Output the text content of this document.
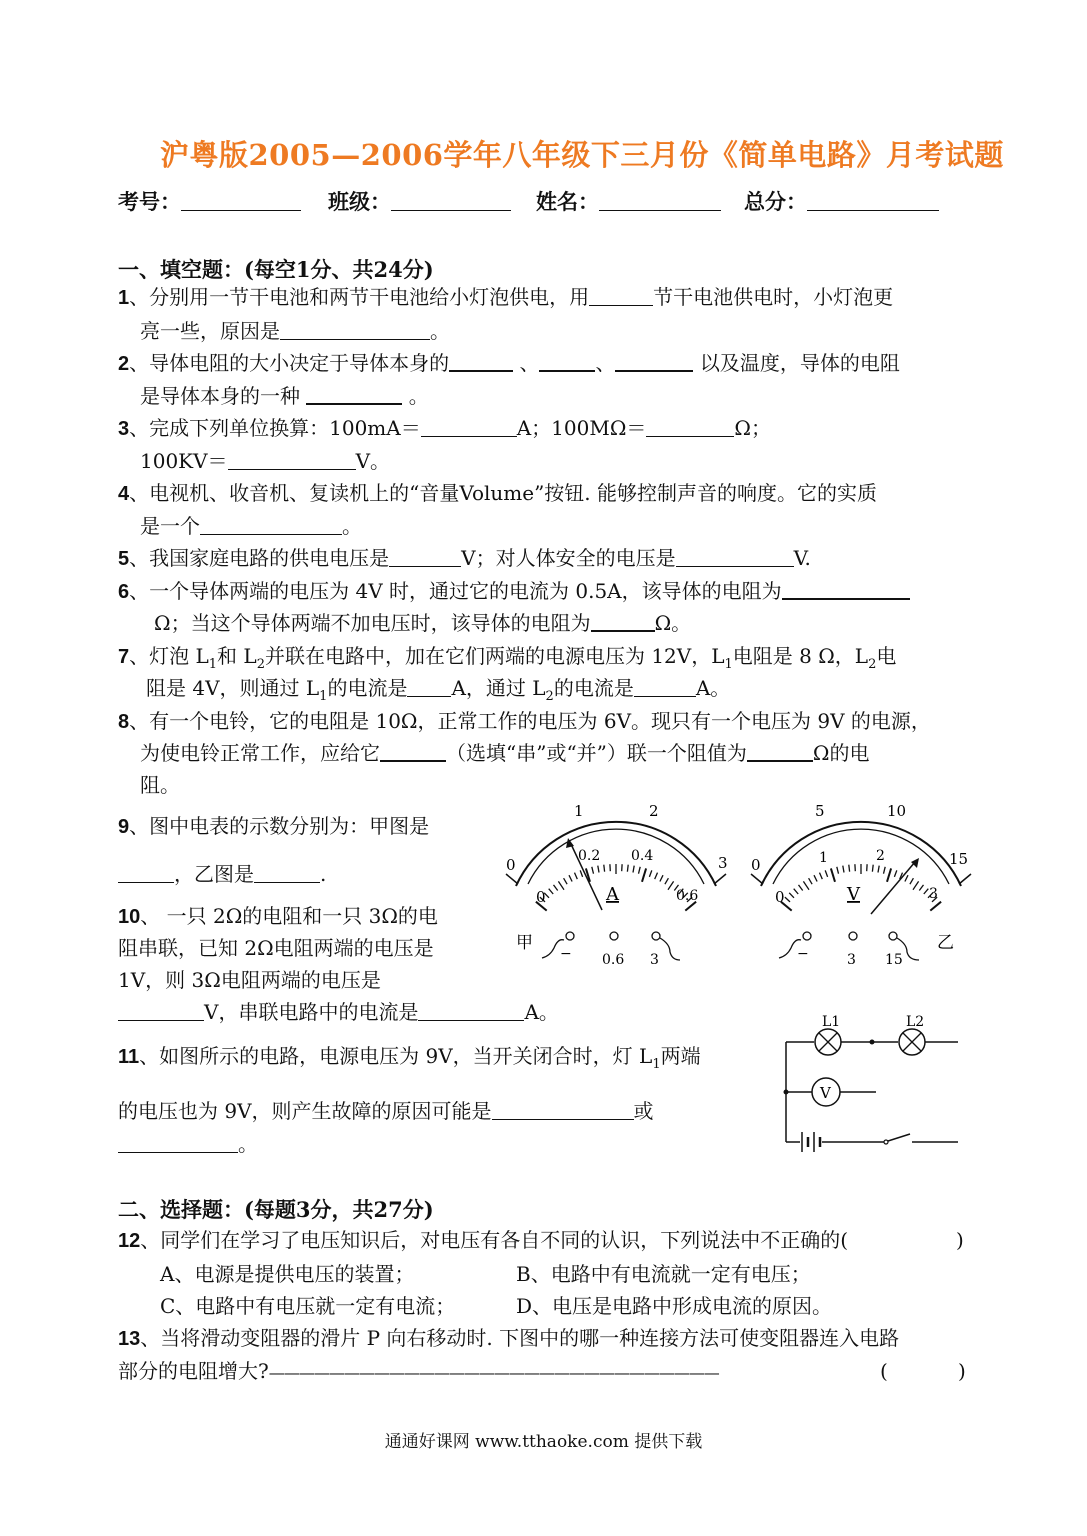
沪粤版2005—2006学年八年级下三月份《简单电路》月考试题
考号：	班级：	姓名：	总分：
一、填空题：(每空1分、共24分)
1、分别用一节干电池和两节干电池给小灯泡供电，用	节干电池供电时，小灯泡更
亮一些，原因是	。
2、导体电阻的大小决定于导体本身的	、	、	以及温度，导体的电阻
是导体本身的一种	。
3、完成下列单位换算：100mA＝	A；100MΩ＝	Ω；
100KV＝	V。
4、电视机、收音机、复读机上的“音量Volume”按钮. 能够控制声音的响度。它的实质
是一个	。
5、我国家庭电路的供电电压是	V；对人体安全的电压是	V.
6、一个导体两端的电压为 4V 时，通过它的电流为 0.5A，该导体的电阻为
Ω；当这个导体两端不加电压时，该导体的电阻为	Ω。
7、灯泡 $L_1$和 $L_2$并联在电路中，加在它们两端的电源电压为 12V，$L_1$电阻是 8 Ω，$L_2$电
阻是 4V，则通过 $L_1$的电流是 A，通过 $L_2$的电流是	A。
8、有一个电铃，它的电阻是 10Ω，正常工作的电压为 6V。现只有一个电压为 9V 的电源，
为使电铃正常工作，应给它	（选填“串”或“并”）联一个阻值为	Ω的电
阻。
9、图中电表的示数分别为：甲图是
，乙图是	.
10、 一只 2Ω的电阻和一只 3Ω的电
阻串联，已知 2Ω电阻两端的电压是
1V，则 3Ω电阻两端的电压是
V，串联电路中的电流是	A。
11、如图所示的电路，电源电压为 9V，当开关闭合时，灯 $L_1$两端
的电压也为 9V，则产生故障的原因可能是	或
。
0
1	2
3
0
0.2 0.4
0.6
A
甲
− 0.6 3
0
5	10
15
0
1	2
3
V
−	3 15
乙
L1	L2
V
二、选择题：(每题3分，共27分)
12、同学们在学习了电压知识后，对电压有各自不同的认识，下列说法中不正确的(	)
A、电源是提供电压的装置；	B、电路中有电流就一定有电压；
C、电路中有电压就一定有电流；	D、电压是电路中形成电流的原因。
13、当将滑动变阻器的滑片 P 向右移动时. 下图中的哪一种连接方法可使变阻器连入电路
部分的电阻增大?——————————————————————————————	(	)
通通好课网 www.tthaoke.com 提供下载
